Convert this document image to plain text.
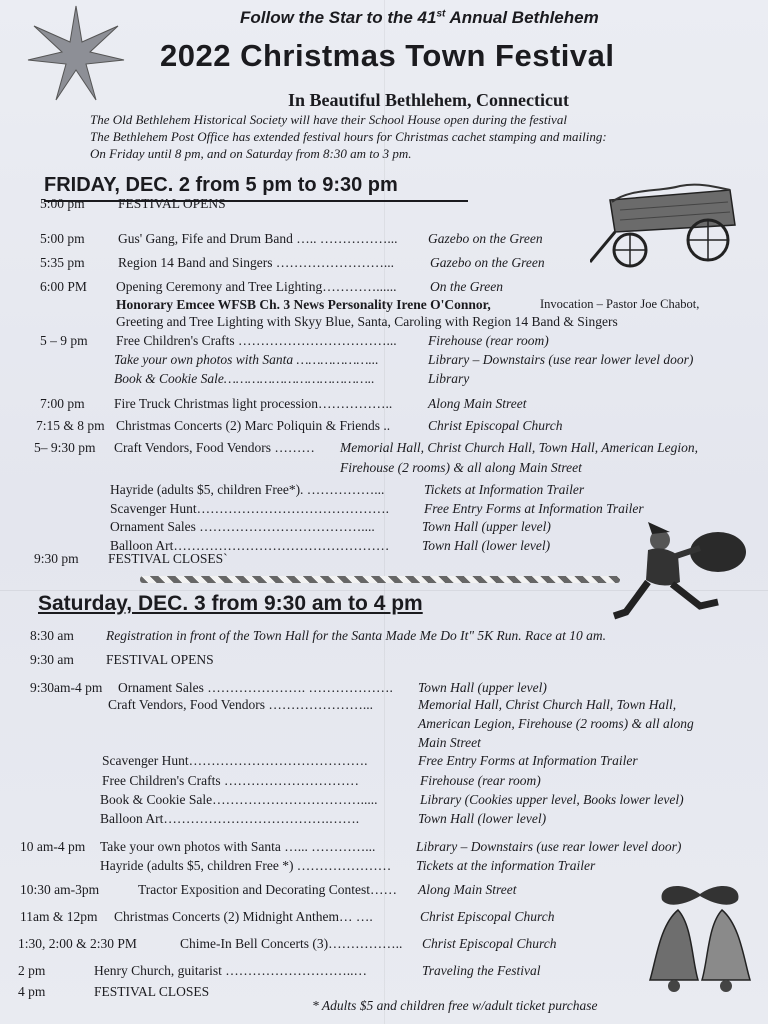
Follow the Star to the 41st Annual Bethlehem
2022 Christmas Town Festival
In Beautiful Bethlehem, Connecticut
The Old Bethlehem Historical Society will have their School House open during the festival
The Bethlehem Post Office has extended festival hours for Christmas cachet stamping and mailing:
On Friday until 8 pm, and on Saturday from 8:30 am to 3 pm.
FRIDAY, DEC. 2 from 5 pm to 9:30 pm
5:00 pm FESTIVAL OPENS
5:00 pm Gus' Gang, Fife and Drum Band ….. ……………... Gazebo on the Green
5:35 pm Region 14 Band and Singers ……………………...	Gazebo on the Green
6:00 PM Opening Ceremony and Tree Lighting…………...... On the Green
Honorary Emcee WFSB Ch. 3 News Personality Irene O'Connor,	Invocation – Pastor Joe Chabot,
Greeting and Tree Lighting with Skyy Blue, Santa, Caroling with Region 14 Band & Singers
5 – 9 pm Free Children's Crafts ……………………………... Firehouse (rear room)
Take your own photos with Santa ………………...	Library – Downstairs (use rear lower level door)
Book & Cookie Sale………………………………..	Library
7:00 pm Fire Truck Christmas light procession……………..	Along Main Street
7:15 & 8 pm Christmas Concerts (2) Marc Poliquin & Friends ..	Christ Episcopal Church
5– 9:30 pm Craft Vendors, Food Vendors ……… Memorial Hall, Christ Church Hall, Town Hall, American Legion,
Firehouse (2 rooms) & all along Main Street
Hayride (adults $5, children Free*). ……………...	Tickets at Information Trailer
Scavenger Hunt…………………………………….	Free Entry Forms at Information Trailer
Ornament Sales ………………………………....	Town Hall (upper level)
Balloon Art………………………………………… Town Hall (lower level)
9:30 pm FESTIVAL CLOSES`
Saturday, DEC. 3 from 9:30 am to 4 pm
8:30 am Registration in front of the Town Hall for the Santa Made Me Do It" 5K Run. Race at 10 am.
9:30 am FESTIVAL OPENS
9:30am-4 pm Ornament Sales …………………. ………………. Town Hall (upper level)
Craft Vendors, Food Vendors …………………...	Memorial Hall, Christ Church Hall, Town Hall,
American Legion, Firehouse (2 rooms) & all along
Main Street
Scavenger Hunt………………………………….	Free Entry Forms at Information Trailer
Free Children's Crafts …………………………	Firehouse (rear room)
Book & Cookie Sale…………………………….....	Library (Cookies upper level, Books lower level)
Balloon Art……………………………….…….	Town Hall (lower level)
10 am-4 pm Take your own photos with Santa …... …………...	Library – Downstairs (use rear lower level door)
Hayride (adults $5, children Free *) ………………… Tickets at the information Trailer
10:30 am-3pm	Tractor Exposition and Decorating Contest…… Along Main Street
11am & 12pm Christmas Concerts (2) Midnight Anthem… ….	Christ Episcopal Church
1:30, 2:00 & 2:30 PM	Chime-In Bell Concerts (3)…………….. Christ Episcopal Church
2 pm	Henry Church, guitarist ………………………..…	Traveling the Festival
4 pm	FESTIVAL CLOSES
* Adults $5 and children free w/adult ticket purchase
